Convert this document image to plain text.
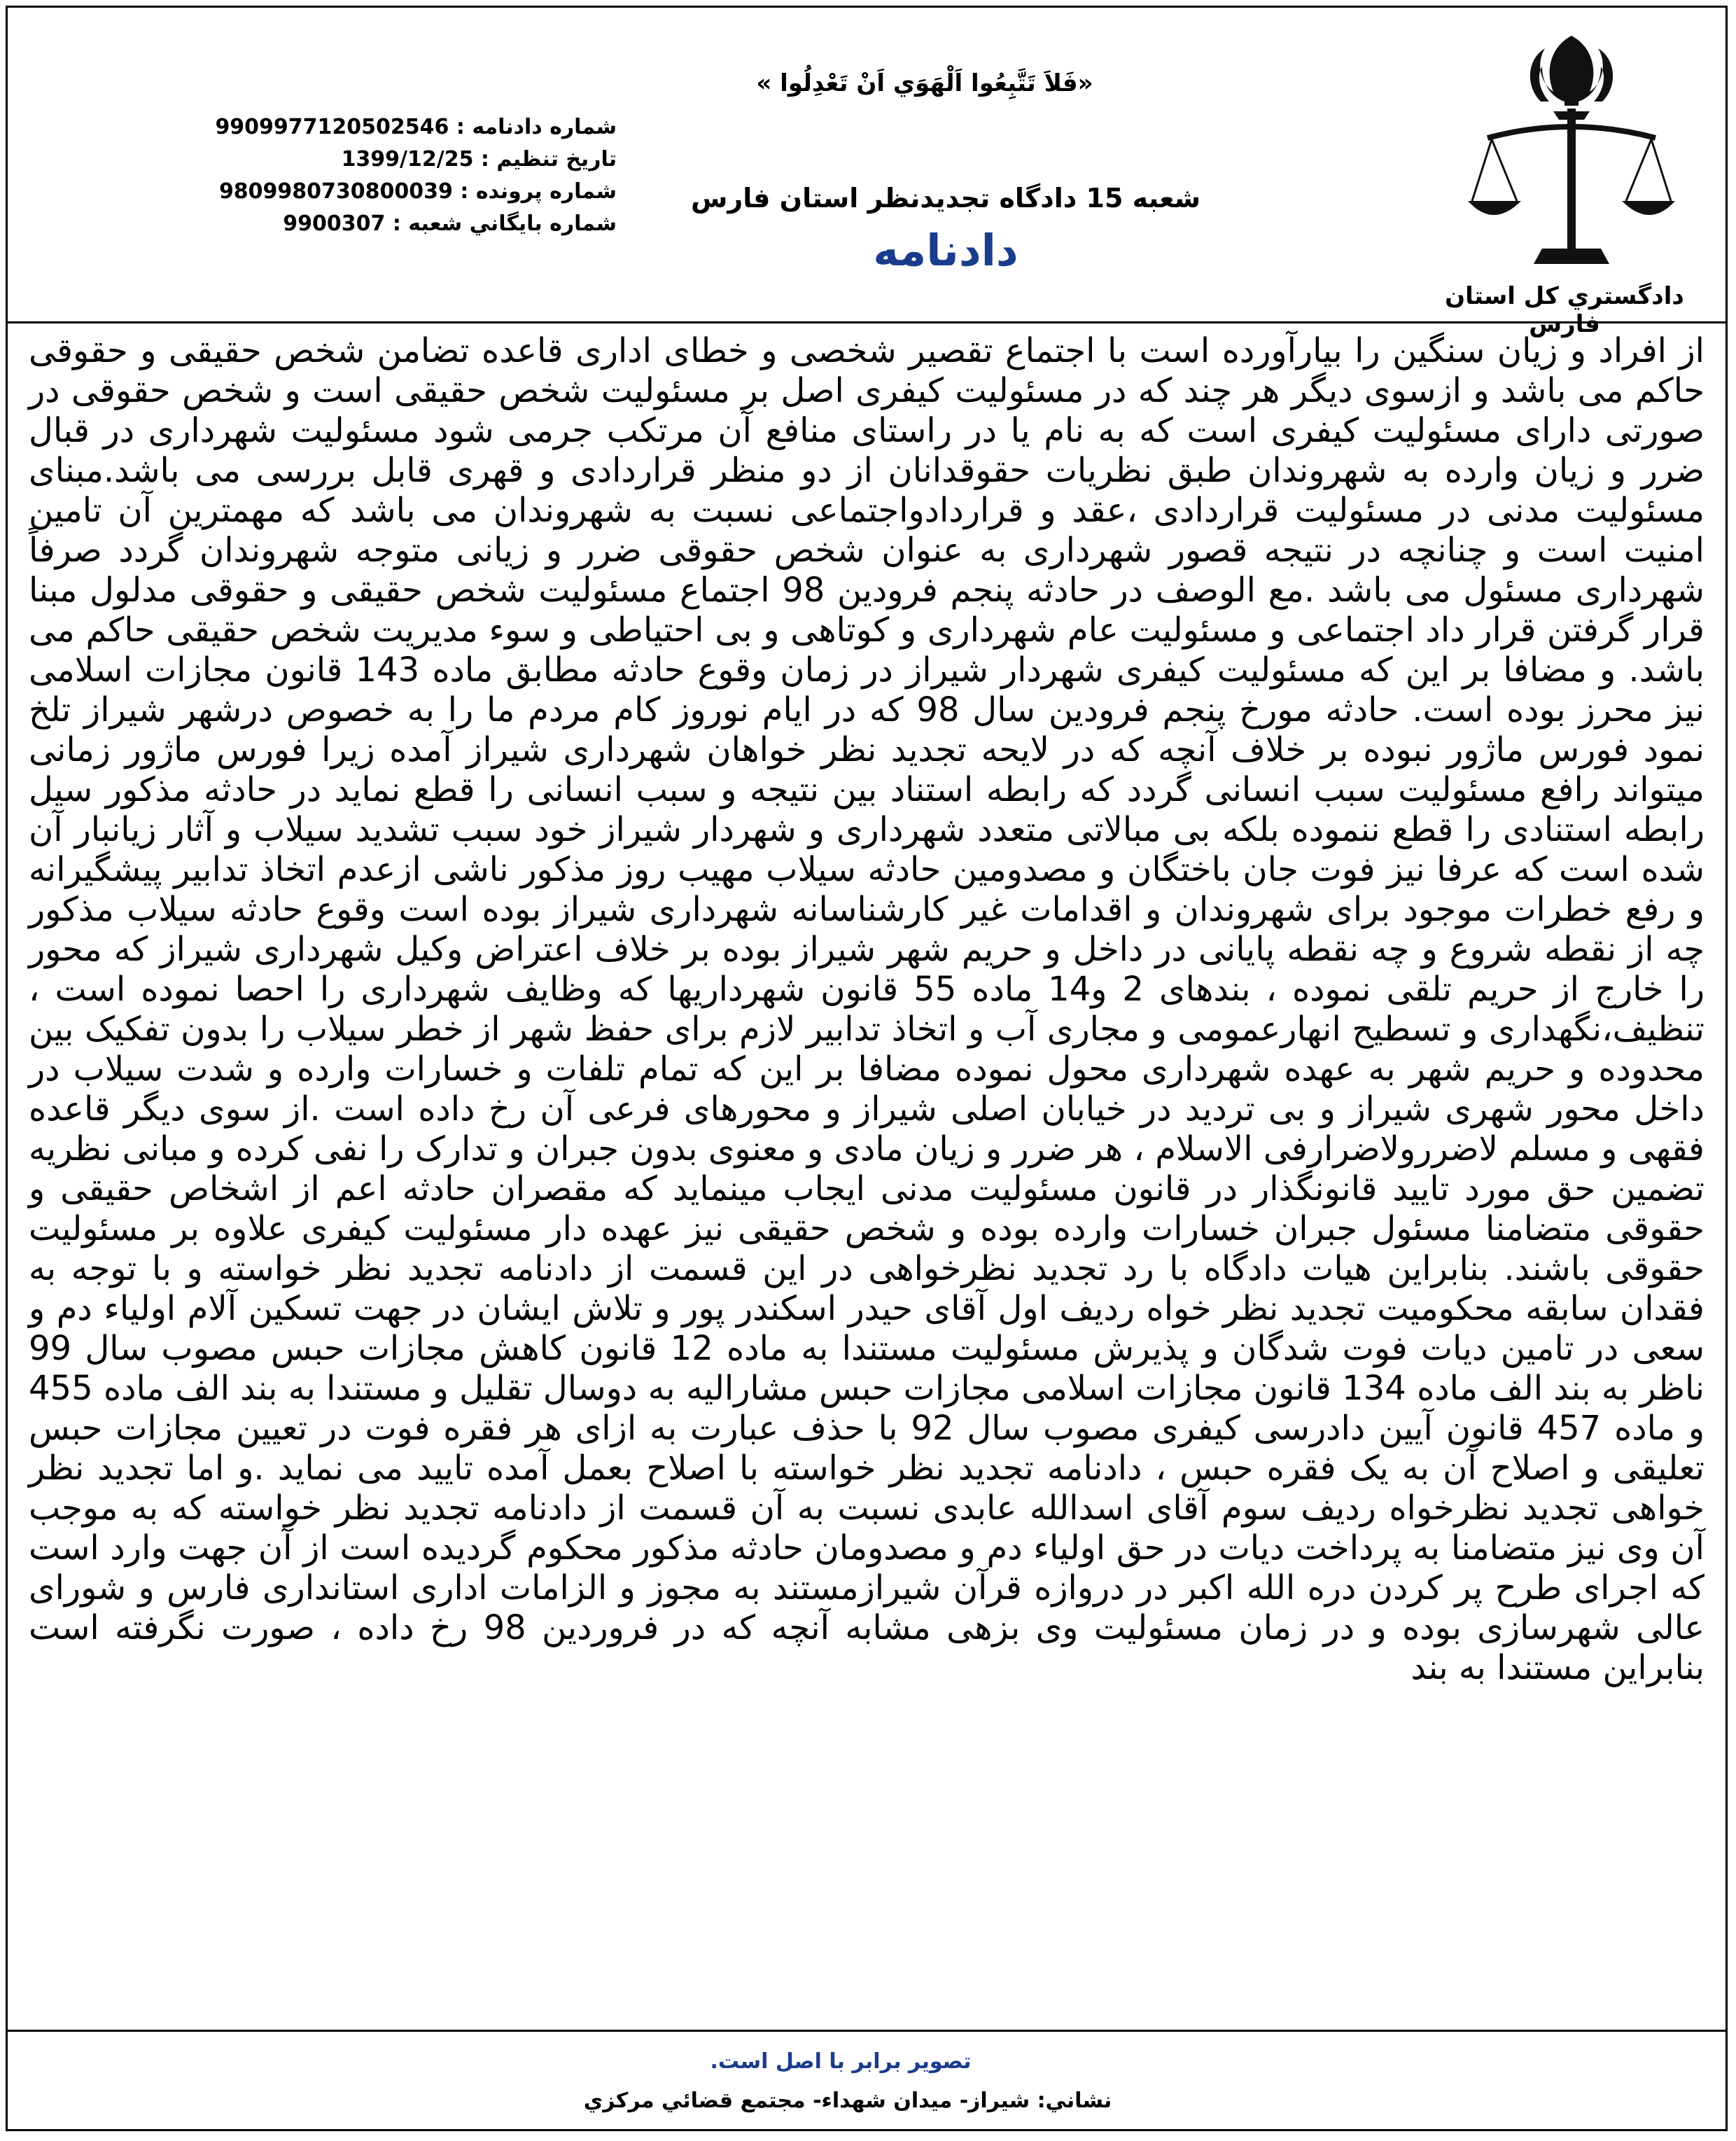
دادگستري كل استان فارس
«فَلاَ تَتَّبِعُوا اَلْهَوَي اَنْ تَعْدِلُوا »
شعبه 15 دادگاه تجدیدنظر استان فارس
دادنامه
شماره دادنامه : 9909977120502546
تاريخ تنظيم : 1399/12/25
شماره پرونده : 9809980730800039
شماره بايگاني شعبه : 9900307
از افراد و زیان سنگین را بیارآورده است با اجتماع تقصیر شخصی و خطای اداری قاعده تضامن شخص حقیقی و حقوقی حاکم می باشد و ازسوی دیگر هر چند که در مسئولیت کیفری اصل بر مسئولیت شخص حقیقی است و شخص حقوقی در صورتی دارای مسئولیت کیفری است که به نام یا در راستای منافع آن مرتکب جرمی شود مسئولیت شهرداری در قبال ضرر و زیان وارده به شهروندان طبق نظریات حقوقدانان از دو منظر قراردادی و قهری قابل بررسی می باشد.مبنای مسئولیت مدنی در مسئولیت قراردادی ،عقد و قراردادواجتماعی نسبت به شهروندان می باشد که مهمترین آن تامین امنیت است و چنانچه در نتیجه قصور شهرداری به عنوان شخص حقوقی ضرر و زیانی متوجه شهروندان گردد صرفاً شهرداری مسئول می باشد .مع الوصف در حادثه پنجم فرودین 98 اجتماع مسئولیت شخص حقیقی و حقوقی مدلول مبنا قرار گرفتن قرار داد اجتماعی و مسئولیت عام شهرداری و کوتاهی و بی احتیاطی و سوء مدیریت شخص حقیقی حاکم می باشد. و مضافا بر این که مسئولیت کیفری شهردار شیراز در زمان وقوع حادثه مطابق ماده 143 قانون مجازات اسلامی نیز محرز بوده است. حادثه مورخ پنجم فرودین سال 98 که در ایام نوروز کام مردم ما را به خصوص درشهر شیراز تلخ نمود فورس ماژور نبوده بر خلاف آنچه که در لایحه تجدید نظر خواهان شهرداری شیراز آمده زیرا فورس ماژور زمانی میتواند رافع مسئولیت سبب انسانی گردد که رابطه استناد بین نتیجه و سبب انسانی را قطع نماید در حادثه مذکور سیل رابطه استنادی را قطع ننموده بلکه بی مبالاتی متعدد شهرداری و شهردار شیراز خود سبب تشدید سیلاب و آثار زیانبار آن شده است که عرفا نیز فوت جان باختگان و مصدومین حادثه سیلاب مهیب روز مذکور ناشی ازعدم اتخاذ تدابیر پیشگیرانه و رفع خطرات موجود برای شهروندان و اقدامات غیر کارشناسانه شهرداری شیراز بوده است وقوع حادثه سیلاب مذکور چه از نقطه شروع و چه نقطه پایانی در داخل و حریم شهر شیراز بوده بر خلاف اعتراض وکیل شهرداری شیراز که محور را خارج از حریم تلقی نموده ، بندهای 2 و14 ماده 55 قانون شهرداریها که وظایف شهرداری را احصا نموده است ، تنظیف،نگهداری و تسطیح انهارعمومی و مجاری آب و اتخاذ تدابیر لازم برای حفظ شهر از خطر سیلاب را بدون تفکیک بین محدوده و حریم شهر به عهده شهرداری محول نموده مضافا بر این که تمام تلفات و خسارات وارده و شدت سیلاب در داخل محور شهری شیراز و بی تردید در خیابان اصلی شیراز و محورهای فرعی آن رخ داده است .از سوی دیگر قاعده فقهی و مسلم لاضررولاضرارفی الاسلام ، هر ضرر و زیان مادی و معنوی بدون جبران و تدارک را نفی کرده و مبانی نظریه تضمین حق مورد تایید قانونگذار در قانون مسئولیت مدنی ایجاب مینماید که مقصران حادثه اعم از اشخاص حقیقی و حقوقی متضامنا مسئول جبران خسارات وارده بوده و شخص حقیقی نیز عهده دار مسئولیت کیفری علاوه بر مسئولیت حقوقی باشند. بنابراین هیات دادگاه با رد تجدید نظرخواهی در این قسمت از دادنامه تجدید نظر خواسته و با توجه به فقدان سابقه محکومیت تجدید نظر خواه ردیف اول آقای حیدر اسکندر پور و تلاش ایشان در جهت تسکین آلام اولیاء دم و سعی در تامین دیات فوت شدگان و پذیرش مسئولیت مستندا به ماده 12 قانون کاهش مجازات حبس مصوب سال 99 ناظر به بند الف ماده 134 قانون مجازات اسلامی مجازات حبس مشارالیه به دوسال تقلیل و مستندا به بند الف ماده 455 و ماده 457 قانون آیین دادرسی کیفری مصوب سال 92 با حذف عبارت به ازای هر فقره فوت در تعیین مجازات حبس تعلیقی و اصلاح آن به یک فقره حبس ، دادنامه تجدید نظر خواسته با اصلاح بعمل آمده تایید می نماید .و اما تجدید نظر خواهی تجدید نظرخواه ردیف سوم آقای اسدالله عابدی نسبت به آن قسمت از دادنامه تجدید نظر خواسته که به موجب آن وی نیز متضامنا به پرداخت دیات در حق اولیاء دم و مصدومان حادثه مذکور محکوم گردیده است از آن جهت وارد است که اجرای طرح پر کردن دره الله اکبر در دروازه قرآن شیرازمستند به مجوز و الزامات اداری استانداری فارس و شورای عالی شهرسازی بوده و در زمان مسئولیت وی بزهی مشابه آنچه که در فروردین 98 رخ داده ، صورت نگرفته است بنابراین مستندا به بند
تصوير برابر با اصل است.
نشاني: شيراز- ميدان شهداء- مجتمع قضائي مركزي
